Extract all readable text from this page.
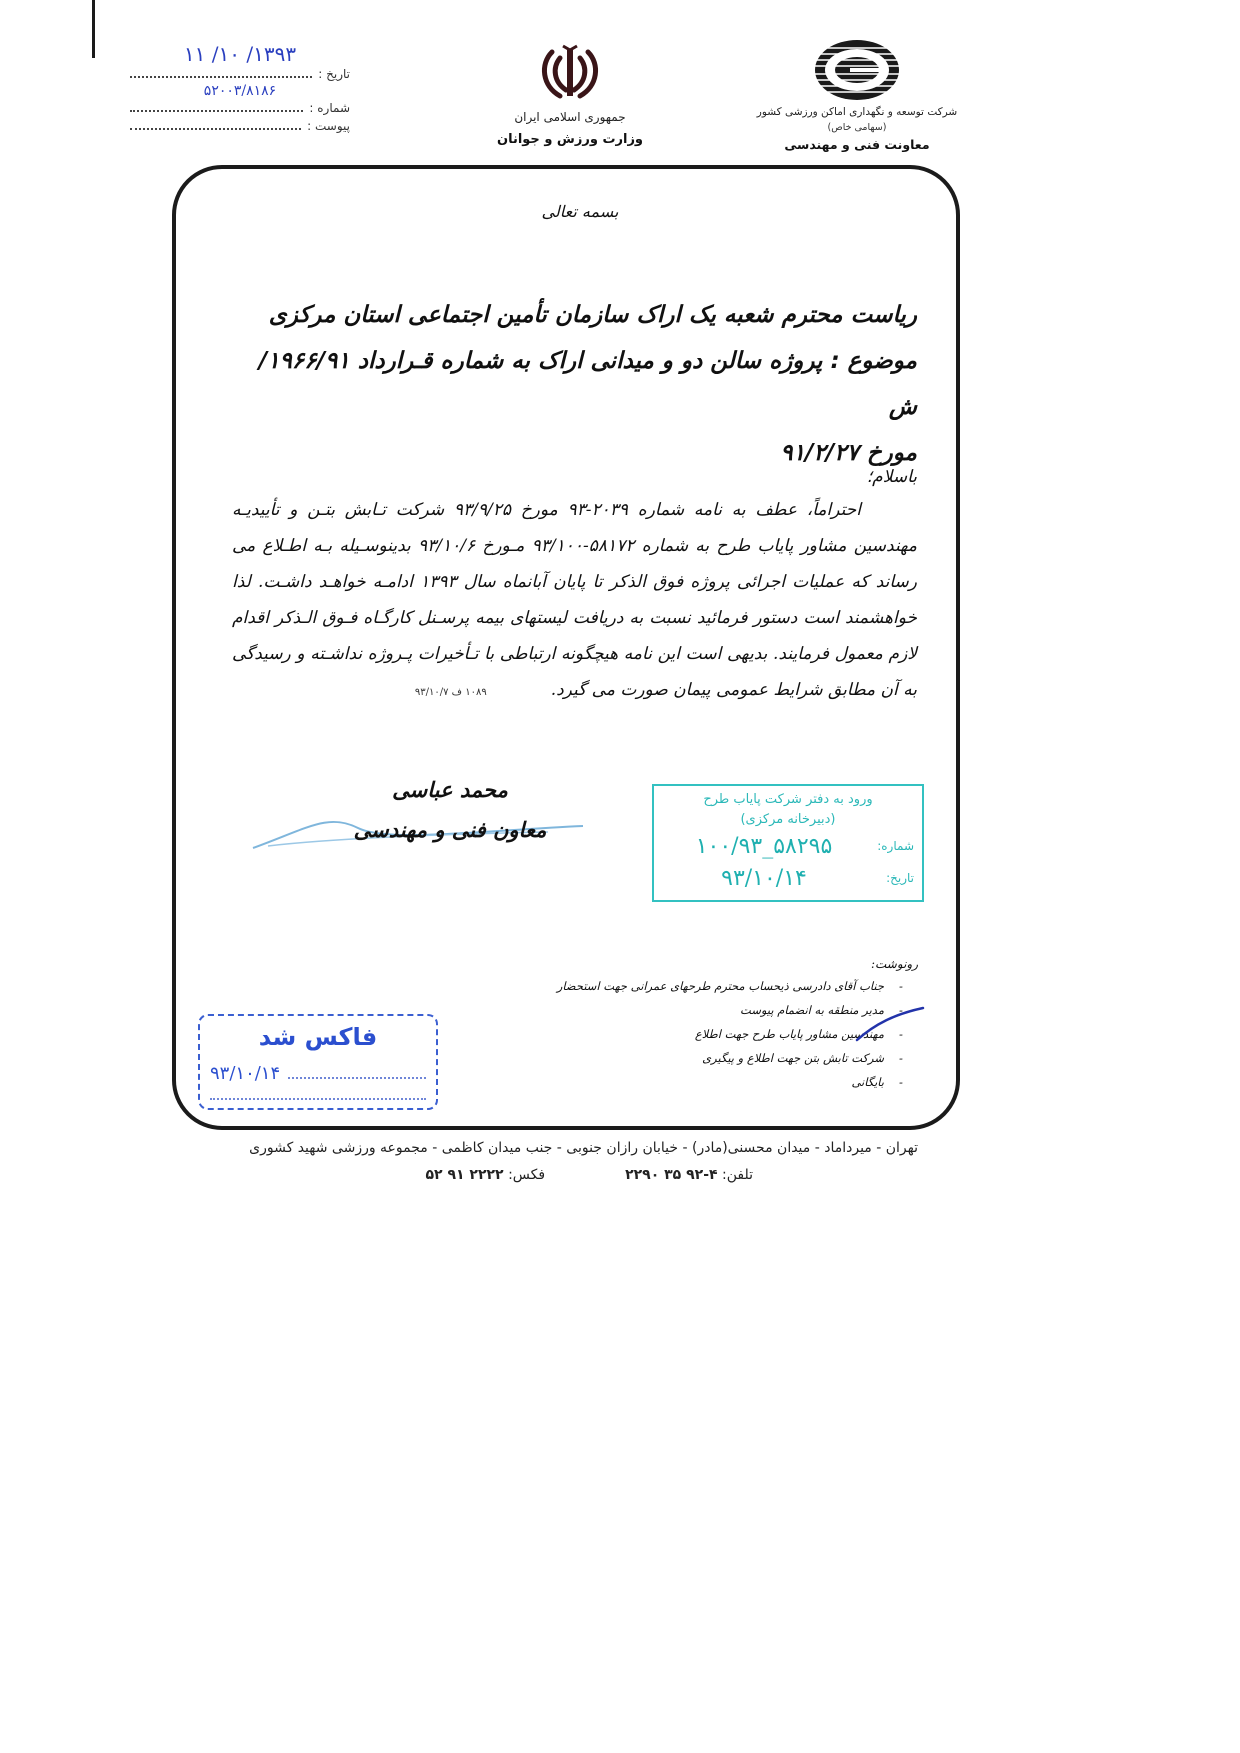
۱۳۹۳/ ۱۰/ ۱۱
تاریخ :
۵۲۰۰۳/۸۱۸۶
شماره :
پیوست :
جمهوری اسلامی ایران
وزارت ورزش و جوانان
شرکت توسعه و نگهداری اماکن ورزشی کشور
(سهامی خاص)
معاونت فنی و مهندسی
بسمه تعالی

ریاست محترم شعبه یک اراک سازمان تأمین اجتماعی استان مرکزی

موضوع : پروژه سالن دو و میدانی اراک به شماره قـرارداد ۱۹۶۶/۹۱/ش

مورخ ۹۱/۲/۲۷

باسلام؛

احتراماً، عطف به نامه شماره ۲۰۳۹-۹۳ مورخ ۹۳/۹/۲۵ شرکت تـابش بتـن و تأییدیـه مهندسین مشاور پایاب طرح به شماره ۵۸۱۷۲-۹۳/۱۰۰ مـورخ ۹۳/۱۰/۶ بدینوسـیله بـه اطـلاع می رساند که عملیات اجرائی پروژه فوق الذکر تا پایان آبانماه سال ۱۳۹۳ ادامـه خواهـد داشـت. لذا خواهشمند است دستور فرمائید نسبت به دریافت لیستهای بیمه پرسـنل کارگـاه فـوق الـذکر اقدام لازم معمول فرمایند. بدیهی است این نامه هیچگونه ارتباطی با تـأخیرات پـروژه نداشـته و رسیدگی به آن مطابق شرایط عمومی پیمان صورت می گیرد.۱۰۸۹ ف ۹۳/۱۰/۷

محمد عباسی
معاون فنی و مهندسی
ورود به دفتر شرکت پایاب طرح
(دبیرخانه مرکزی)
شماره:
۱۰۰/۹۳_۵۸۲۹۵
تاریخ:
۹۳/۱۰/۱۴
رونوشت:
-
جناب آقای دادرسی ذیحساب محترم طرحهای عمرانی جهت استحضار
-
مدیر منطقه به انضمام پیوست
-
مهندسین مشاور پایاب طرح جهت اطلاع
-
شرکت تابش بتن جهت اطلاع و پیگیری
-
بایگانی
فاکس شد
۹۳/۱۰/۱۴
تهران - میرداماد - میدان محسنی(مادر) - خیابان رازان جنوبی - جنب میدان کاظمی - مجموعه ورزشی شهید کشوری
تلفن: ۴-۹۲ ۳۵ ۲۲۹۰
فکس: ۲۲۲۲ ۹۱ ۵۲
